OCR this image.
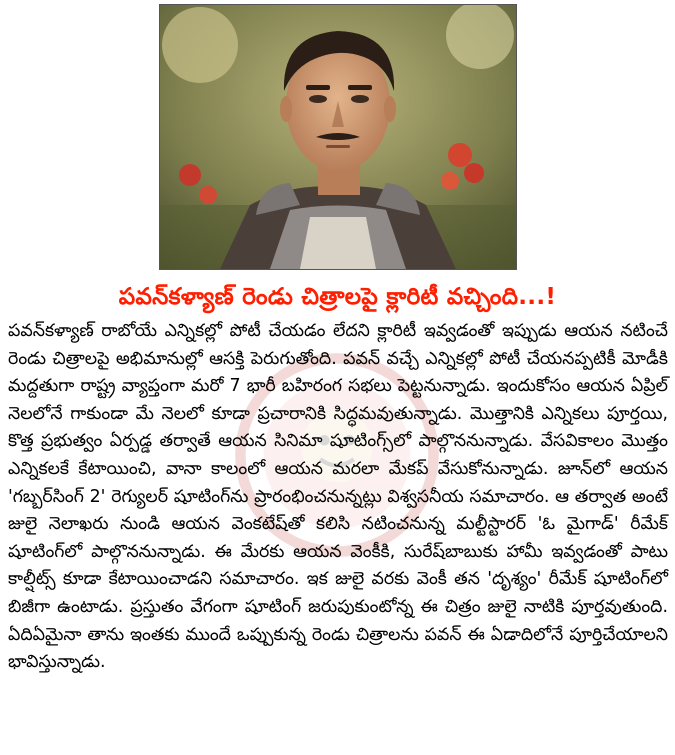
పవన్‌కళ్యాణ్ రెండు చిత్రాలపై క్లారిటీ వచ్చింది...!
పవన్‌కళ్యాణ్ రాబోయే ఎన్నికల్లో పోటీ చేయడం లేదని క్లారిటీ ఇవ్వడంతో ఇప్పుడు ఆయన నటించే రెండు చిత్రాలపై అభిమానుల్లో ఆసక్తి పెరుగుతోంది. పవన్ వచ్చే ఎన్నికల్లో పోటీ చేయనప్పటికీ మోడీకి మద్దతుగా రాష్ట్ర వ్యాప్తంగా మరో 7 భారీ బహిరంగ సభలు పెట్టనున్నాడు. ఇందుకోసం ఆయన ఏప్రిల్ నెలలోనే గాకుండా మే నెలలో కూడా ప్రచారానికి సిద్ధమవుతున్నాడు. మొత్తానికి ఎన్నికలు పూర్తయి, కొత్త ప్రభుత్వం ఏర్పడ్డ తర్వాతే ఆయన సినిమా షూటింగ్స్‌లో పాల్గొననున్నాడు. వేసవికాలం మొత్తం ఎన్నికలకే కేటాయించి, వానా కాలంలో ఆయన మరలా మేకప్ వేసుకోనున్నాడు. జూన్‌లో ఆయన 'గబ్బర్‌సింగ్ 2' రెగ్యులర్ షూటింగ్‌ను ప్రారంభించనున్నట్లు విశ్వసనీయ సమాచారం. ఆ తర్వాత అంటే జులై నెలాఖరు నుండి ఆయన వెంకటేష్‌తో కలిసి నటించనున్న మల్టీస్టారర్ 'ఓ మైగాడ్' రీమేక్ షూటింగ్‌లో పాల్గొననున్నాడు. ఈ మేరకు ఆయన వెంకీకి, సురేష్‌బాబుకు హామీ ఇవ్వడంతో పాటు కాల్షీట్స్ కూడా కేటాయించాడని సమాచారం. ఇక జులై వరకు వెంకీ తన 'దృశ్యం' రీమేక్ షూటింగ్‌లో బిజీగా ఉంటాడు. ప్రస్తుతం వేగంగా షూటింగ్ జరుపుకుంటోన్న ఈ చిత్రం జులై నాటికి పూర్తవుతుంది. ఏదిఏమైనా తాను ఇంతకు ముందే ఒప్పుకున్న రెండు చిత్రాలను పవన్ ఈ ఏడాదిలోనే పూర్తిచేయాలని భావిస్తున్నాడు.
